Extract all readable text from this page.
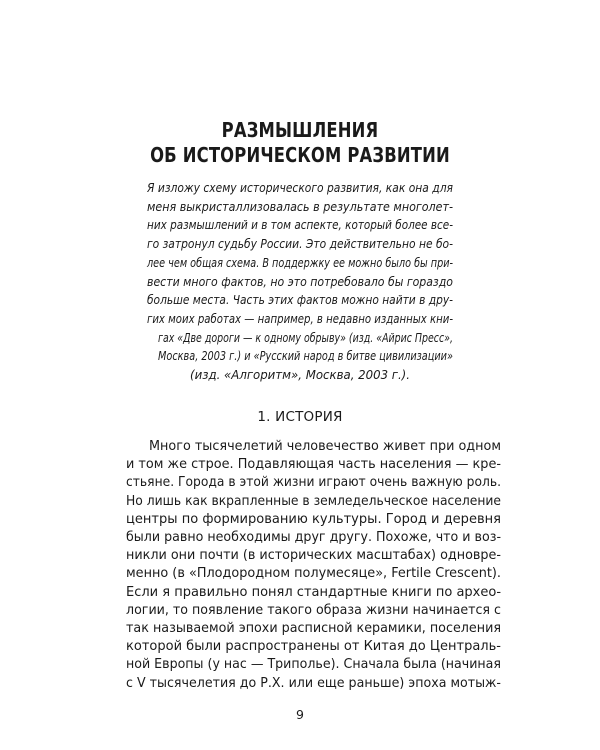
РАЗМЫШЛЕНИЯ
ОБ ИСТОРИЧЕСКОМ РАЗВИТИИ
Я изложу схему исторического развития, как она для
меня выкристаллизовалась в результате многолет-
них размышлений и в том аспекте, который более все-
го затронул судьбу России. Это действительно не бо-
лее чем общая схема. В поддержку ее можно было бы при-
вести много фактов, но это потребовало бы гораздо
больше места. Часть этих фактов можно найти в дру-
гих моих работах — например, в недавно изданных кни-
гах «Две дороги — к одному обрыву» (изд. «Айрис Пресс»,
Москва, 2003 г.) и «Русский народ в битве цивилизации»
(изд. «Алгоритм», Москва, 2003 г.).
1. ИСТОРИЯ
Много тысячелетий человечество живет при одном
и том же строе. Подавляющая часть населения — кре-
стьяне. Города в этой жизни играют очень важную роль.
Но лишь как вкрапленные в земледельческое население
центры по формированию культуры. Город и деревня
были равно необходимы друг другу. Похоже, что и воз-
никли они почти (в исторических масштабах) одновре-
менно (в «Плодородном полумесяце», Fertile Crescent).
Если я правильно понял стандартные книги по архео-
логии, то появление такого образа жизни начинается с
так называемой эпохи расписной керамики, поселения
которой были распространены от Китая до Централь-
ной Европы (у нас — Триполье). Сначала была (начиная
с V тысячелетия до Р.Х. или еще раньше) эпоха мотыж-
9
